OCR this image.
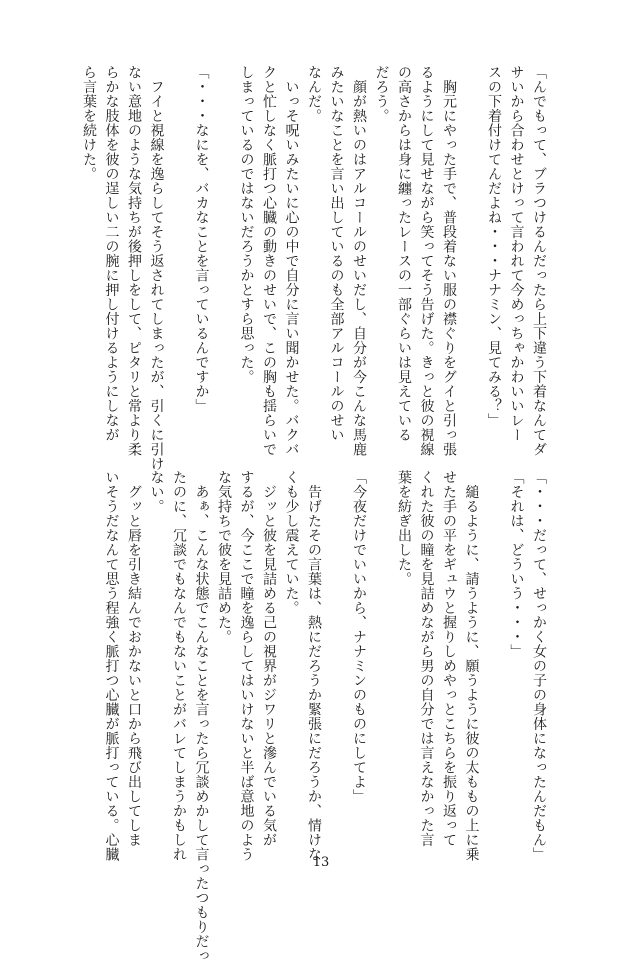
「んでもって、ブラつけるんだったら上下違う下着なんてダ
サいから合わせとけって言われて今めっちゃかわいいレー
スの下着付けてんだよね・・・ナナミン、見てみる？」

　胸元にやった手で、普段着ない服の襟ぐりをグイと引っ張
るようにして見せながら笑ってそう告げた。きっと彼の視線
の高さからは身に纏ったレースの一部ぐらいは見えている
だろう。
　顔が熱いのはアルコールのせいだし、自分が今こんな馬鹿
みたいなことを言い出しているのも全部アルコールのせい
なんだ。
　いっそ呪いみたいに心の中で自分に言い聞かせた。バクバ
クと忙しなく脈打つ心臓の動きのせいで、この胸も揺らいで
しまっているのではないだろうかとすら思った。

「・・・なにを、バカなことを言っているんですか」

　フイと視線を逸らしてそう返されてしまったが、引くに引け
ない意地のような気持ちが後押しをして、ピタリと常より柔
らかな肢体を彼の逞しい二の腕に押し付けるようにしなが
ら言葉を続けた。
「・・・だって、せっかく女の子の身体になったんだもん」
「それは、どういう・・・」

　縋るように、請うように、願うように彼の太ももの上に乗
せた手の平をギュウと握りしめやっとこちらを振り返って
くれた彼の瞳を見詰めながら男の自分では言えなかった言
葉を紡ぎ出した。

「今夜だけでいいから、ナナミンのものにしてよ」

　告げたその言葉は、熱にだろうか緊張にだろうか、情けな
くも少し震えていた。
　ジッと彼を見詰める己の視界がジワリと滲んでいる気が
するが、今ここで瞳を逸らしてはいけないと半ば意地のよう
な気持ちで彼を見詰めた。
　あぁ、こんな状態でこんなことを言ったら冗談めかして言ったつもりだっ
たのに、冗談でもなんでもないことがバレてしまうかもしれ
ない。
　グッと唇を引き結んでおかないと口から飛び出してしま
いそうだなんて思う程強く脈打つ心臓が脈打っている。心臓
13
